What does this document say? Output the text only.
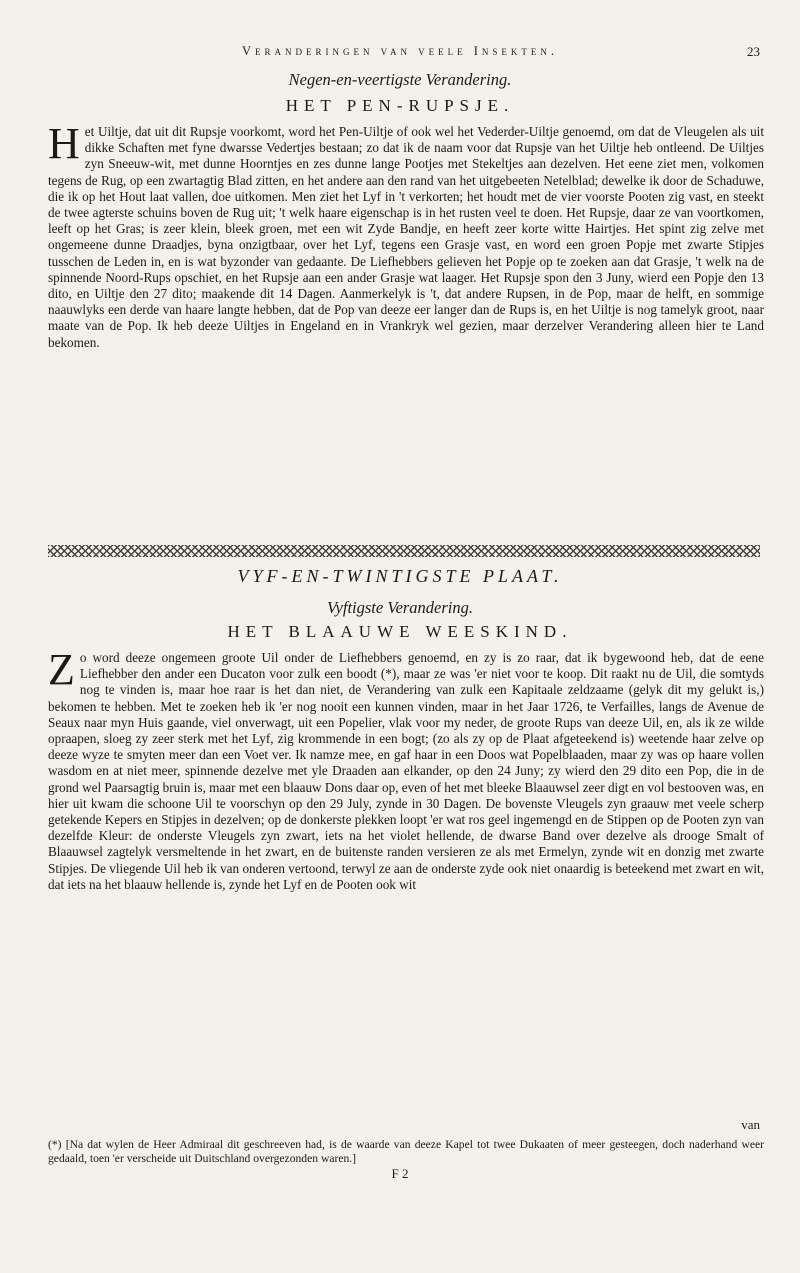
Veranderingen van veele Insekten.	23
Negen-en-veertigste Verandering.
HET PEN-RUPSJE.
Het Uiltje, dat uit dit Rupsje voorkomt, word het Pen-Uiltje of ook wel het Vederder-Uiltje genoemd, om dat de Vleugelen als uit dikke Schaften met fyne dwarsse Vedertjes bestaan; zo dat ik de naam voor dat Rupsje van het Uiltje heb ontleend. De Uiltjes zyn Sneeuw-wit, met dunne Hoorntjes en zes dunne lange Pootjes met Stekeltjes aan dezelven. Het eene ziet men, volkomen tegens de Rug, op een zwartagtig Blad zitten, en het andere aan den rand van het uitgebeeten Netelblad; dewelke ik door de Schaduwe, die ik op het Hout laat vallen, doe uitkomen. Men ziet het Lyf in 't verkorten; het houdt met de vier voorste Pooten zig vast, en steekt de twee agterste schuins boven de Rug uit; 't welk haare eigenschap is in het rusten veel te doen. Het Rupsje, daar ze van voortkomen, leeft op het Gras; is zeer klein, bleek groen, met een wit Zyde Bandje, en heeft zeer korte witte Hairtjes. Het spint zig zelve met ongemeene dunne Draadjes, byna onzigtbaar, over het Lyf, tegens een Grasje vast, en word een groen Popje met zwarte Stipjes tusschen de Leden in, en is wat byzonder van gedaante. De Liefhebbers gelieven het Popje op te zoeken aan dat Grasje, 't welk na de spinnende Noord-Rups opschiet, en het Rupsje aan een ander Grasje wat laager. Het Rupsje spon den 3 Juny, wierd een Popje den 13 dito, en Uiltje den 27 dito; maakende dit 14 Dagen. Aanmerkelyk is 't, dat andere Rupsen, in de Pop, maar de helft, en sommige naauwlyks een derde van haare langte hebben, dat de Pop van deeze eer langer dan de Rups is, en het Uiltje is nog tamelyk groot, naar maate van de Pop. Ik heb deeze Uiltjes in Engeland en in Vrankryk wel gezien, maar derzelver Verandering alleen hier te Land bekomen.
VYF-EN-TWINTIGSTE PLAAT.
Vyftigste Verandering.
HET BLAAUWE WEESKIND.
Zo word deeze ongemeen groote Uil onder de Liefhebbers genoemd, en zy is zo raar, dat ik bygewoond heb, dat de eene Liefhebber den ander een Ducaton voor zulk een boodt (*), maar ze was 'er niet voor te koop. Dit raakt nu de Uil, die somtyds nog te vinden is, maar hoe raar is het dan niet, de Verandering van zulk een Kapitaale zeldzaame (gelyk dit my gelukt is,) bekomen te hebben. Met te zoeken heb ik 'er nog nooit een kunnen vinden, maar in het Jaar 1726, te Verfailles, langs de Avenue de Seaux naar myn Huis gaande, viel onverwagt, uit een Popelier, vlak voor my neder, de groote Rups van deeze Uil, en, als ik ze wilde opraapen, sloeg zy zeer sterk met het Lyf, zig krommende in een bogt; (zo als zy op de Plaat afgeteekend is) weetende haar zelve op deeze wyze te smyten meer dan een Voet ver. Ik namze mee, en gaf haar in een Doos wat Popelblaaden, maar zy was op haare vollen wasdom en at niet meer, spinnende dezelve met yle Draaden aan elkander, op den 24 Juny; zy wierd den 29 dito een Pop, die in de grond wel Paarsagtig bruin is, maar met een blaauw Dons daar op, even of het met bleeke Blaauwsel zeer digt en vol bestooven was, en hier uit kwam die schoone Uil te voorschyn op den 29 July, zynde in 30 Dagen. De bovenste Vleugels zyn graauw met veele scherp getekende Kepers en Stipjes in dezelven; op de donkerste plekken loopt 'er wat ros geel ingemengd en de Stippen op de Pooten zyn van dezelfde Kleur: de onderste Vleugels zyn zwart, iets na het violet hellende, de dwarse Band over dezelve als drooge Smalt of Blaauwsel zagtelyk versmeltende in het zwart, en de buitenste randen versieren ze als met Ermelyn, zynde wit en donzig met zwarte Stipjes. De vliegende Uil heb ik van onderen vertoond, terwyl ze aan de onderste zyde ook niet onaardig is beteekend met zwart en wit, dat iets na het blaauw hellende is, zynde het Lyf en de Pooten ook wit
van
(*) [Na dat wylen de Heer Admiraal dit geschreeven had, is de waarde van deeze Kapel tot twee Dukaaten of meer gesteegen, doch naderhand weer gedaald, toen 'er verscheide uit Duitschland overgezonden waren.]
F 2
